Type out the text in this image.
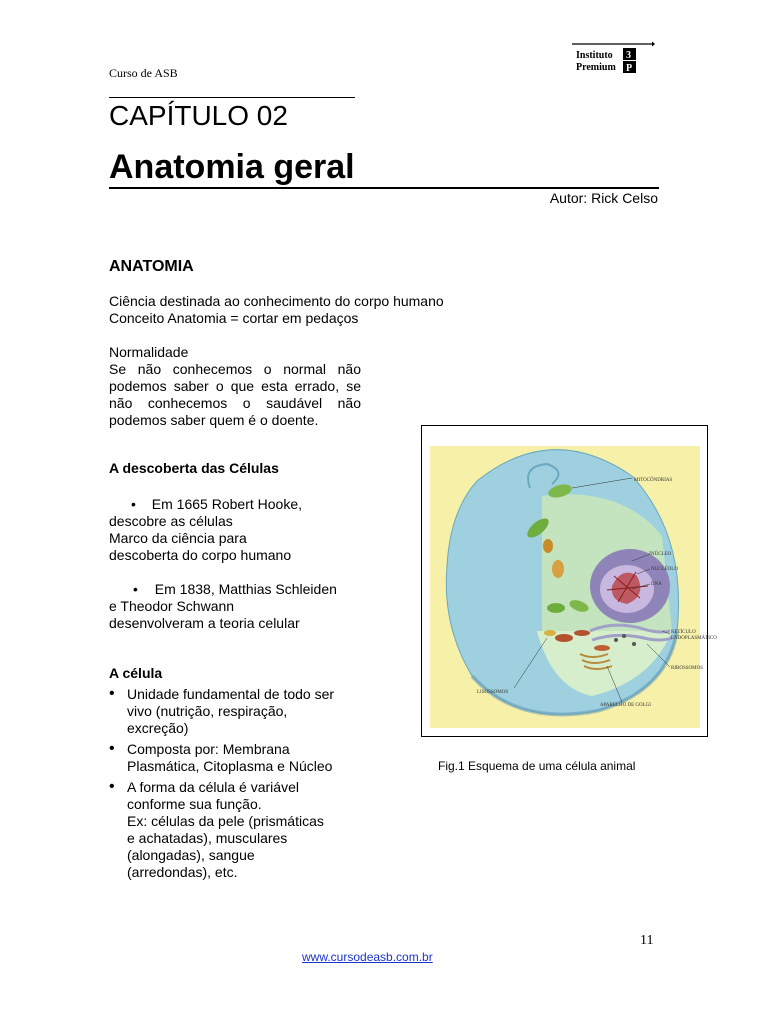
Curso de ASB
Instituto
Premium
3
P
CAPÍTULO 02
Anatomia geral
Autor: Rick Celso
ANATOMIA
Ciência destinada ao conhecimento do corpo humano
Conceito Anatomia = cortar em pedaços
Normalidade
Se não conhecemos o normal não podemos saber o que esta errado, se não conhecemos o saudável não podemos saber quem é o doente.
A descoberta das Células
• Em 1665 Robert Hooke,
descobre as células
Marco da ciência para
descoberta do corpo humano
• Em 1838, Matthias Schleiden
e Theodor Schwann
desenvolveram a teoria celular
A célula
• Unidade fundamental de todo ser
vivo (nutrição, respiração,
excreção)
• Composta por: Membrana
Plasmática, Citoplasma e Núcleo
• A forma da célula é variável
conforme sua função.
Ex: células da pele (prismáticas
e achatadas), musculares
(alongadas), sangue
(arredondas), etc.
MITOCÔNDRIAS
NÚCLEO
NUCLÉOLO
DNA
RETÍCULO
ENDOPLASMÁTICO
RIBOSSOMOS
LISOSSOMOS
APARELHO DE GOLGI
Fig.1 Esquema de uma célula animal
11
www.cursodeasb.com.br
